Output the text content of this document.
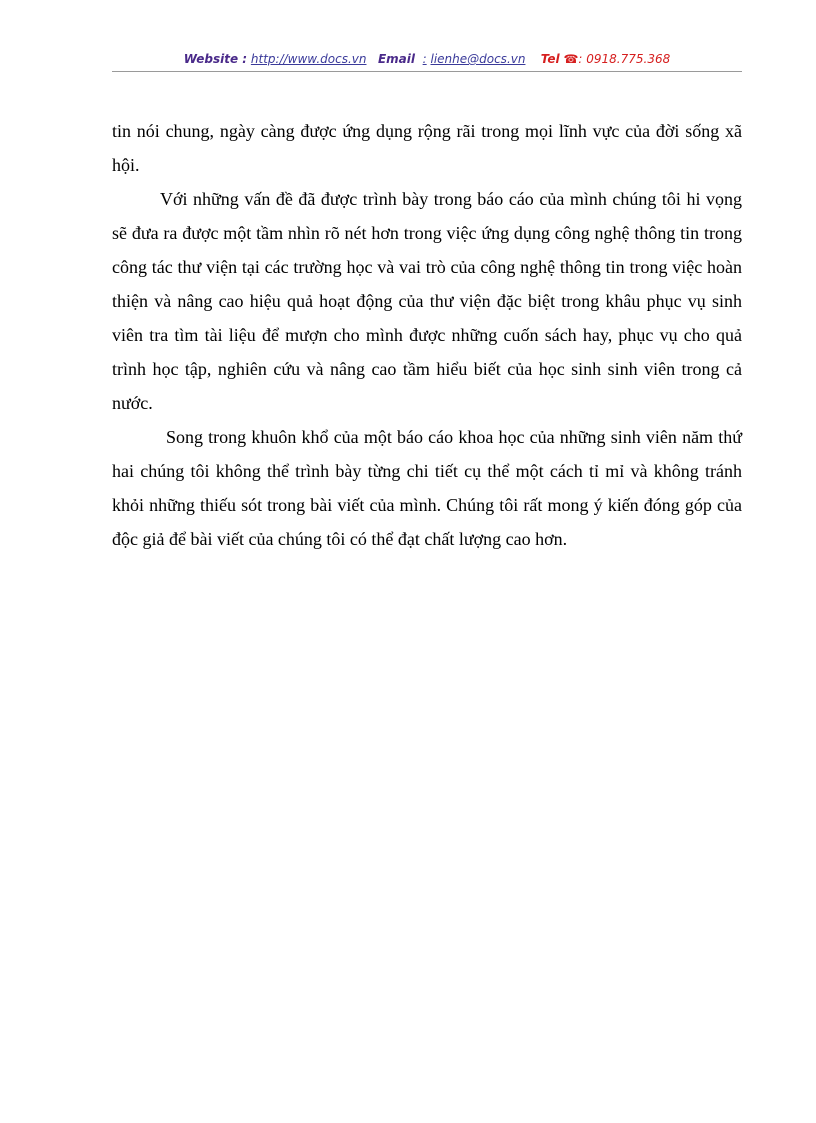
Website : http://www.docs.vn Email : lienhe@docs.vn Tel ☎: 0918.775.368

tin nói chung, ngày càng được ứng dụng rộng rãi trong mọi lĩnh vực của đời sống xã hội.

Với những vấn đề đã được trình bày trong báo cáo của mình chúng tôi hi vọng sẽ đưa ra được một tầm nhìn rõ nét hơn trong việc ứng dụng công nghệ thông tin trong công tác thư viện tại các trường học và vai trò của công nghệ thông tin trong việc hoàn thiện và nâng cao hiệu quả hoạt động của thư viện đặc biệt trong khâu phục vụ sinh viên tra tìm tài liệu để mượn cho mình được những cuốn sách hay, phục vụ cho quả trình học tập, nghiên cứu và nâng cao tầm hiểu biết của học sinh sinh viên trong cả nước.

Song trong khuôn khổ của một báo cáo khoa học của những sinh viên năm thứ hai chúng tôi không thể trình bày từng chi tiết cụ thể một cách tỉ mỉ và không tránh khỏi những thiếu sót trong bài viết của mình. Chúng tôi rất mong ý kiến đóng góp của độc giả để bài viết của chúng tôi có thể đạt chất lượng cao hơn.
